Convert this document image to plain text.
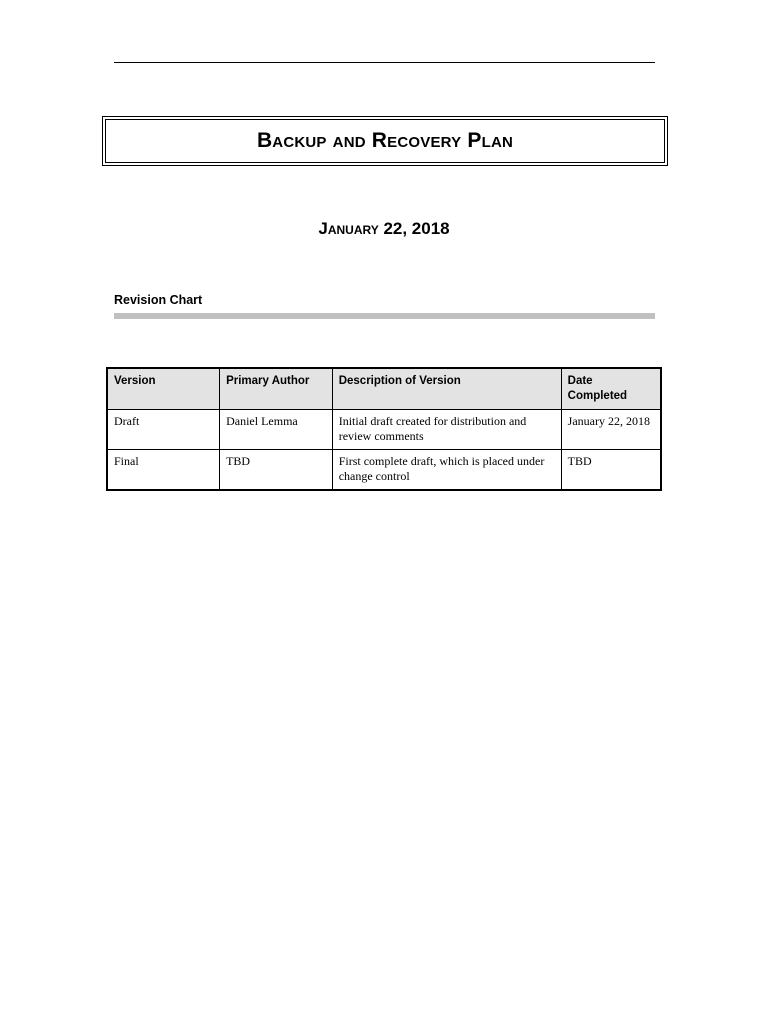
Backup and Recovery Plan
January 22, 2018
Revision Chart
Version	Primary Author	Description of Version	Date Completed
Draft	Daniel Lemma	Initial draft created for distribution and review comments	January 22, 2018
Final	TBD	First complete draft, which is placed under change control	TBD
